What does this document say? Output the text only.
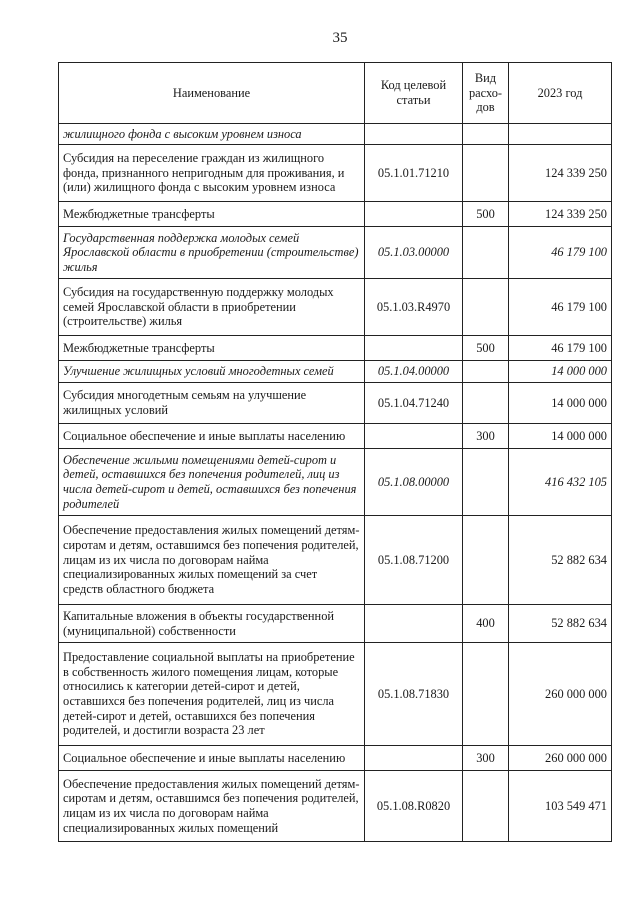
35
Наименование	Код целевой статьи	Вид расхо-дов	2023 год
жилищного фонда с высоким уровнем износа			
Субсидия на переселение граждан из жилищного фонда, признанного непригодным для проживания, и (или) жилищного фонда с высоким уровнем износа	05.1.01.71210		124 339 250
Межбюджетные трансферты		500	124 339 250
Государственная поддержка молодых семей Ярославской области в приобретении (строительстве) жилья	05.1.03.00000		46 179 100
Субсидия на государственную поддержку молодых семей Ярославской области в приобретении (строительстве) жилья	05.1.03.R4970		46 179 100
Межбюджетные трансферты		500	46 179 100
Улучшение жилищных условий многодетных семей	05.1.04.00000		14 000 000
Субсидия многодетным семьям на улучшение жилищных условий	05.1.04.71240		14 000 000
Социальное обеспечение и иные выплаты населению		300	14 000 000
Обеспечение жилыми помещениями детей-сирот и детей, оставшихся без попечения родителей, лиц из числа детей-сирот и детей, оставшихся без попечения родителей	05.1.08.00000		416 432 105
Обеспечение предоставления жилых помещений детям-сиротам и детям, оставшимся без попечения родителей, лицам из их числа по договорам найма специализированных жилых помещений за счет средств областного бюджета	05.1.08.71200		52 882 634
Капитальные вложения в объекты государственной (муниципальной) собственности		400	52 882 634
Предоставление социальной выплаты на приобретение в собственность жилого помещения лицам, которые относились к категории детей-сирот и детей, оставшихся без попечения родителей, лиц из числа детей-сирот и детей, оставшихся без попечения родителей, и достигли возраста 23 лет	05.1.08.71830		260 000 000
Социальное обеспечение и иные выплаты населению		300	260 000 000
Обеспечение предоставления жилых помещений детям-сиротам и детям, оставшимся без попечения родителей, лицам из их числа по договорам найма специализированных жилых помещений	05.1.08.R0820		103 549 471
